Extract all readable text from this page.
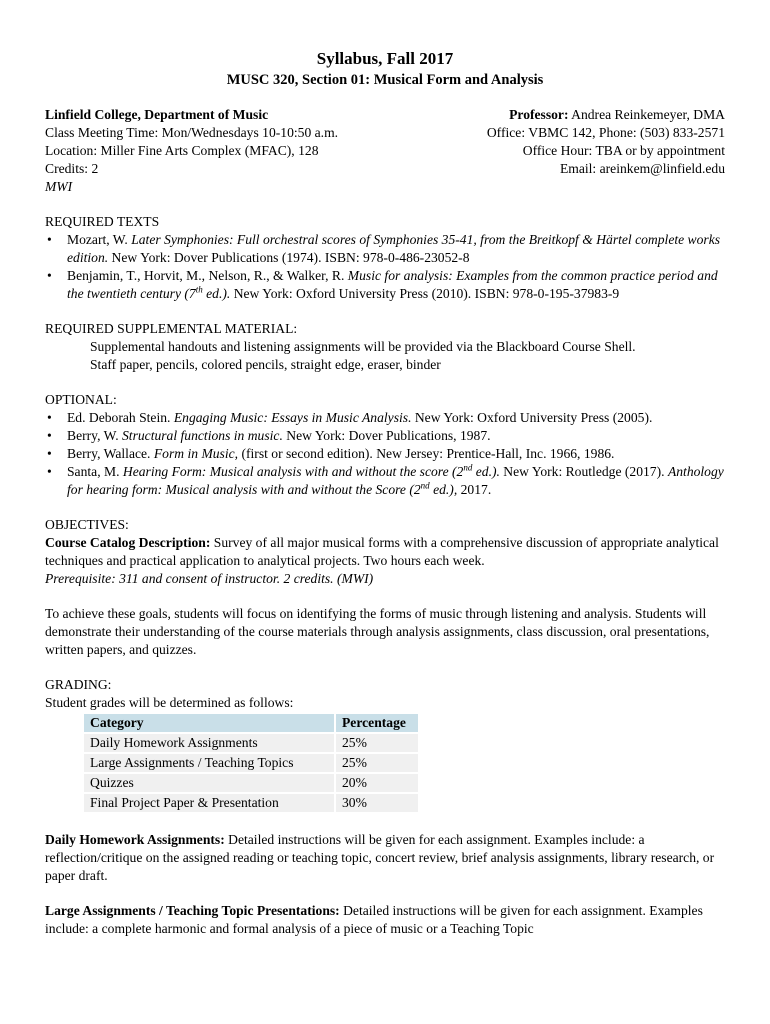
Syllabus, Fall 2017
MUSC 320, Section 01: Musical Form and Analysis
Linfield College, Department of Music
Class Meeting Time: Mon/Wednesdays 10-10:50 a.m.
Location: Miller Fine Arts Complex (MFAC), 128
Credits: 2
MWI
Professor: Andrea Reinkemeyer, DMA
Office: VBMC 142, Phone: (503) 833-2571
Office Hour: TBA or by appointment
Email: areinkem@linfield.edu
REQUIRED TEXTS
• Mozart, W. Later Symphonies: Full orchestral scores of Symphonies 35-41, from the Breitkopf & Härtel complete works edition. New York: Dover Publications (1974). ISBN: 978-0-486-23052-8
• Benjamin, T., Horvit, M., Nelson, R., & Walker, R. Music for analysis: Examples from the common practice period and the twentieth century (7th ed.). New York: Oxford University Press (2010). ISBN: 978-0-195-37983-9
REQUIRED SUPPLEMENTAL MATERIAL:
Supplemental handouts and listening assignments will be provided via the Blackboard Course Shell.
Staff paper, pencils, colored pencils, straight edge, eraser, binder
OPTIONAL:
• Ed. Deborah Stein. Engaging Music: Essays in Music Analysis. New York: Oxford University Press (2005).
• Berry, W. Structural functions in music. New York: Dover Publications, 1987.
• Berry, Wallace. Form in Music, (first or second edition). New Jersey: Prentice-Hall, Inc. 1966, 1986.
• Santa, M. Hearing Form: Musical analysis with and without the score (2nd ed.). New York: Routledge (2017). Anthology for hearing form: Musical analysis with and without the Score (2nd ed.), 2017.
OBJECTIVES:
Course Catalog Description: Survey of all major musical forms with a comprehensive discussion of appropriate analytical techniques and practical application to analytical projects. Two hours each week.
Prerequisite: 311 and consent of instructor. 2 credits. (MWI)
To achieve these goals, students will focus on identifying the forms of music through listening and analysis. Students will demonstrate their understanding of the course materials through analysis assignments, class discussion, oral presentations, written papers, and quizzes.
GRADING:
Student grades will be determined as follows:
Category	Percentage
Daily Homework Assignments	25%
Large Assignments / Teaching Topics	25%
Quizzes	20%
Final Project Paper & Presentation	30%
Daily Homework Assignments: Detailed instructions will be given for each assignment. Examples include: a reflection/critique on the assigned reading or teaching topic, concert review, brief analysis assignments, library research, or paper draft.
Large Assignments / Teaching Topic Presentations: Detailed instructions will be given for each assignment. Examples include: a complete harmonic and formal analysis of a piece of music or a Teaching Topic
